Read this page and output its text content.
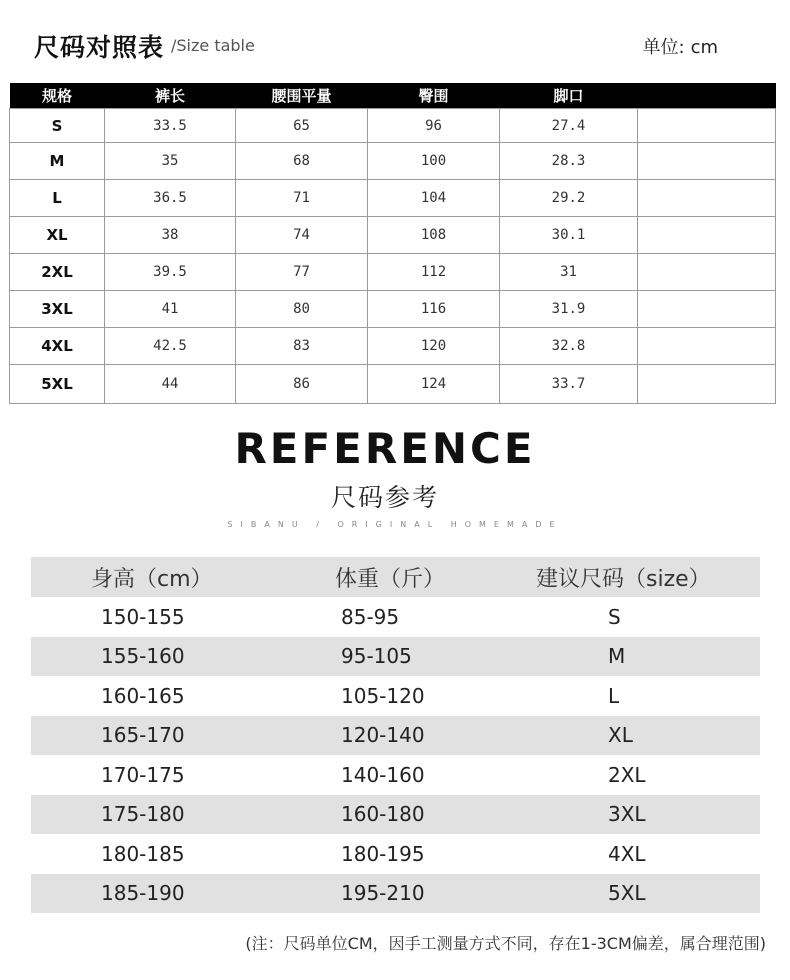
尺码对照表 /Size table	单位: cm
规格	裤长	腰围平量	臀围	脚口	
S	33.5	65	96	27.4	
M	35	68	100	28.3	
L	36.5	71	104	29.2	
XL	38	74	108	30.1	
2XL	39.5	77	112	31	
3XL	41	80	116	31.9	
4XL	42.5	83	120	32.8	
5XL	44	86	124	33.7	
REFERENCE
尺码参考
SIBANU / ORIGINAL HOMEMADE
身高（cm）	体重（斤）	建议尺码（size）
150-155	85-95	S
155-160	95-105	M
160-165	105-120	L
165-170	120-140	XL
170-175	140-160	2XL
175-180	160-180	3XL
180-185	180-195	4XL
185-190	195-210	5XL
(注：尺码单位CM，因手工测量方式不同，存在1-3CM偏差，属合理范围)
